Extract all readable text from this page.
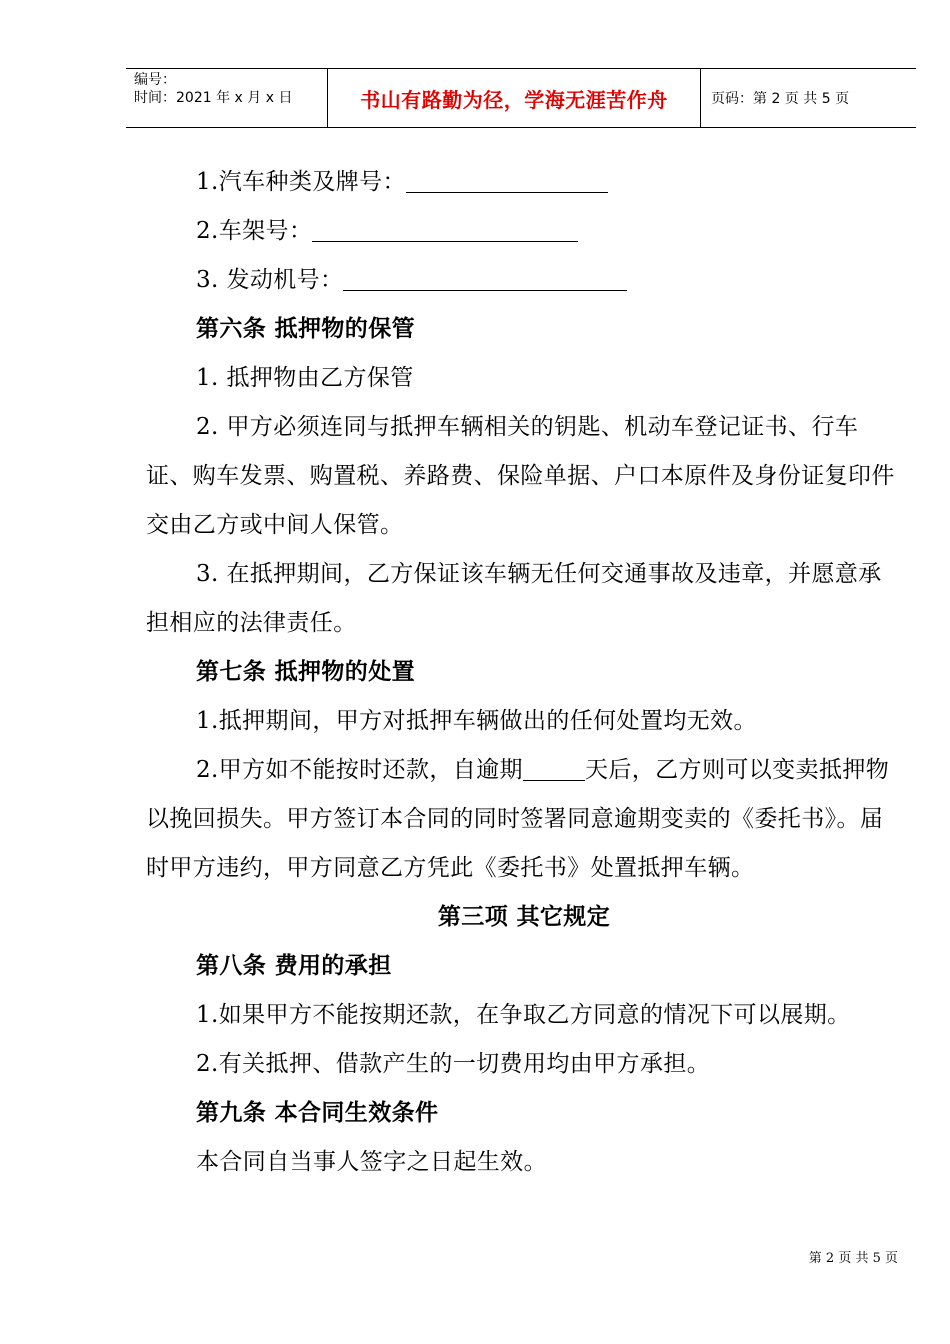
编号：
时间：2021 年 x 月 x 日	书山有路勤为径，学海无涯苦作舟	页码：第 2 页 共 5 页

1.汽车种类及牌号：

2.车架号：

3. 发动机号：

第六条 抵押物的保管

1. 抵押物由乙方保管

2. 甲方必须连同与抵押车辆相关的钥匙、机动车登记证书、行车证、购车发票、购置税、养路费、保险单据、户口本原件及身份证复印件交由乙方或中间人保管。

3. 在抵押期间，乙方保证该车辆无任何交通事故及违章，并愿意承担相应的法律责任。

第七条 抵押物的处置

1.抵押期间，甲方对抵押车辆做出的任何处置均无效。

2.甲方如不能按时还款，自逾期	天后，乙方则可以变卖抵押物以挽回损失。甲方签订本合同的同时签署同意逾期变卖的《委托书》。届时甲方违约，甲方同意乙方凭此《委托书》处置抵押车辆。

第三项 其它规定

第八条 费用的承担

1.如果甲方不能按期还款，在争取乙方同意的情况下可以展期。

2.有关抵押、借款产生的一切费用均由甲方承担。

第九条 本合同生效条件

本合同自当事人签字之日起生效。

第 2 页 共 5 页
